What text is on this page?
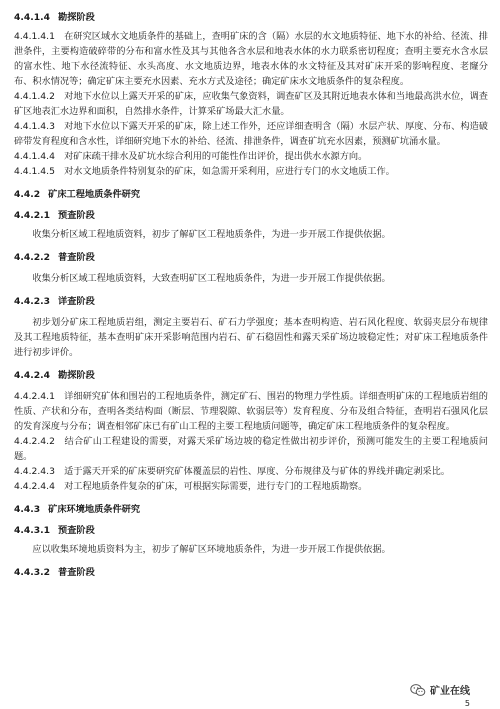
4.4.1.4 勘探阶段

4.4.1.4.1　在研究区域水文地质条件的基础上，查明矿床的含（隔）水层的水文地质特征、地下水的补给、径流、排泄条件，主要构造破碎带的分布和富水性及其与其他各含水层和地表水体的水力联系密切程度；查明主要充水含水层的富水性、地下水径流特征、水头高度、水文地质边界，地表水体的水文特征及其对矿床开采的影响程度、老窿分布、积水情况等；确定矿床主要充水因素、充水方式及途径；确定矿床水文地质条件的复杂程度。

4.4.1.4.2　对地下水位以上露天开采的矿床，应收集气象资料，调查矿区及其附近地表水体和当地最高洪水位，调查矿区地表汇水边界和面积，自然排水条件，计算采矿场最大汇水量。

4.4.1.4.3　对地下水位以下露天开采的矿床，除上述工作外，还应详细查明含（隔）水层产状、厚度、分布、构造破碎带发育程度和含水性，详细研究地下水的补给、径流、排泄条件，调查矿坑充水因素，预测矿坑涌水量。

4.4.1.4.4　对矿床疏干排水及矿坑水综合利用的可能性作出评价，提出供水水源方向。

4.4.1.4.5　对水文地质条件特别复杂的矿床，如急需开采利用，应进行专门的水文地质工作。

4.4.2 矿床工程地质条件研究

4.4.2.1 预查阶段

收集分析区域工程地质资料，初步了解矿区工程地质条件，为进一步开展工作提供依据。

4.4.2.2 普查阶段

收集分析区域工程地质资料，大致查明矿区工程地质条件，为进一步开展工作提供依据。

4.4.2.3 详查阶段

初步划分矿床工程地质岩组，测定主要岩石、矿石力学强度；基本查明构造、岩石风化程度、软弱夹层分布规律及其工程地质特征，基本查明矿床开采影响范围内岩石、矿石稳固性和露天采矿场边坡稳定性；对矿床工程地质条件进行初步评价。

4.4.2.4 勘探阶段

4.4.2.4.1　详细研究矿体和围岩的工程地质条件，测定矿石、围岩的物理力学性质。详细查明矿床的工程地质岩组的性质、产状和分布，查明各类结构面（断层、节理裂隙、软弱层等）发育程度、分布及组合特征，查明岩石强风化层的发育深度与分布；调查相邻矿床已有矿山工程的主要工程地质问题等，确定矿床工程地质条件的复杂程度。

4.4.2.4.2　结合矿山工程建设的需要，对露天采矿场边坡的稳定性做出初步评价，预测可能发生的主要工程地质问题。

4.4.2.4.3　适于露天开采的矿床要研究矿体覆盖层的岩性、厚度、分布规律及与矿体的界线并确定剥采比。

4.4.2.4.4　对工程地质条件复杂的矿床，可根据实际需要，进行专门的工程地质勘察。

4.4.3 矿床环境地质条件研究

4.4.3.1 预查阶段

应以收集环境地质资料为主，初步了解矿区环境地质条件，为进一步开展工作提供依据。

4.4.3.2 普查阶段

矿业在线
5
